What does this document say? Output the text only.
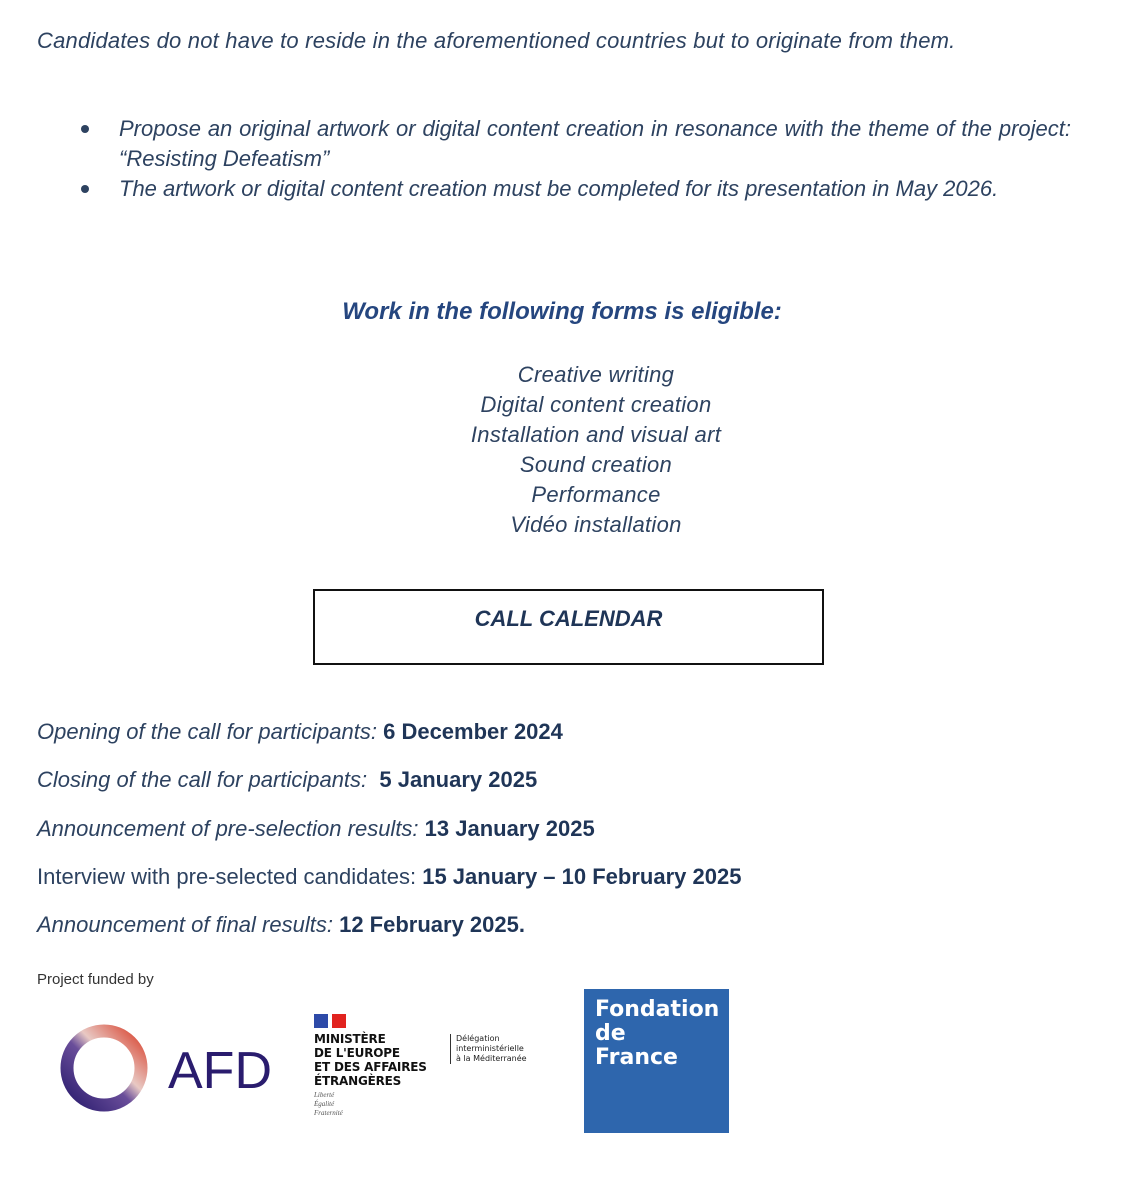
Candidates do not have to reside in the aforementioned countries but to originate from them.

Propose an original artwork or digital content creation in resonance with the theme of the project: “Resisting Defeatism”
The artwork or digital content creation must be completed for its presentation in May 2026.
Work in the following forms is eligible:
Creative writing
Digital content creation
Installation and visual art
Sound creation
Performance
Vidéo installation
CALL CALENDAR
Opening of the call for participants: 6 December 2024
Closing of the call for participants:  5 January 2025
Announcement of pre-selection results: 13 January 2025
Interview with pre-selected candidates: 15 January – 10 February 2025
Announcement of final results: 12 February 2025.
Project funded by
AFD
MINISTÈRE
DE L'EUROPE
ET DES AFFAIRES
ÉTRANGÈRES
Liberté
Égalité
Fraternité
Délégation
interministérielle
à la Méditerranée
Fondation
de
France
